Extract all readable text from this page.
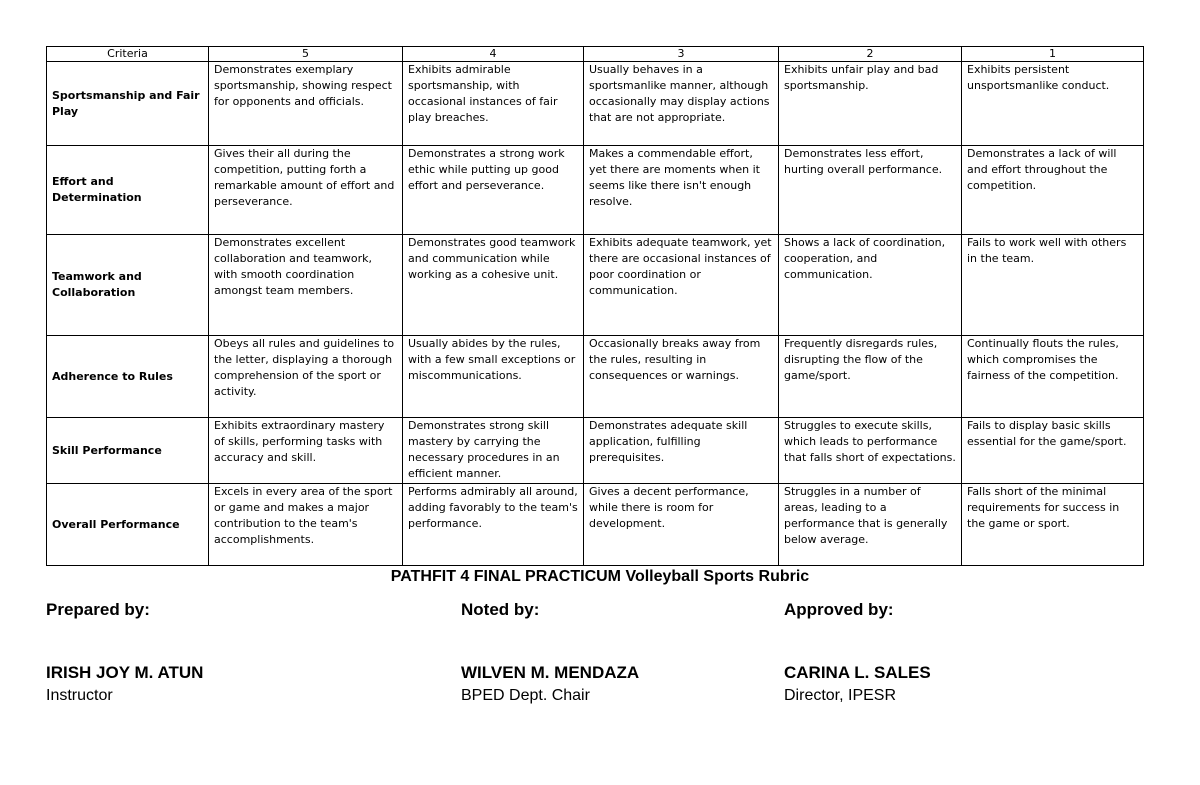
Criteria	5	4	3	2	1
Sportsmanship and Fair Play	Demonstrates exemplary sportsmanship, showing respect for opponents and officials.	Exhibits admirable sportsmanship, with occasional instances of fair play breaches.	Usually behaves in a sportsmanlike manner, although occasionally may display actions that are not appropriate.	Exhibits unfair play and bad sportsmanship.	Exhibits persistent unsportsmanlike conduct.
Effort and Determination	Gives their all during the competition, putting forth a remarkable amount of effort and perseverance.	Demonstrates a strong work ethic while putting up good effort and perseverance.	Makes a commendable effort, yet there are moments when it seems like there isn't enough resolve.	Demonstrates less effort, hurting overall performance.	Demonstrates a lack of will and effort throughout the competition.
Teamwork and Collaboration	Demonstrates excellent collaboration and teamwork, with smooth coordination amongst team members.	Demonstrates good teamwork and communication while working as a cohesive unit.	Exhibits adequate teamwork, yet there are occasional instances of poor coordination or communication.	Shows a lack of coordination, cooperation, and communication.	Fails to work well with others in the team.
Adherence to Rules	Obeys all rules and guidelines to the letter, displaying a thorough comprehension of the sport or activity.	Usually abides by the rules, with a few small exceptions or miscommunications.	Occasionally breaks away from the rules, resulting in consequences or warnings.	Frequently disregards rules, disrupting the flow of the game/sport.	Continually flouts the rules, which compromises the fairness of the competition.
Skill Performance	Exhibits extraordinary mastery of skills, performing tasks with accuracy and skill.	Demonstrates strong skill mastery by carrying the necessary procedures in an efficient manner.	Demonstrates adequate skill application, fulfilling prerequisites.	Struggles to execute skills, which leads to performance that falls short of expectations.	Fails to display basic skills essential for the game/sport.
Overall Performance	Excels in every area of the sport or game and makes a major contribution to the team's accomplishments.	Performs admirably all around, adding favorably to the team's performance.	Gives a decent performance, while there is room for development.	Struggles in a number of areas, leading to a performance that is generally below average.	Falls short of the minimal requirements for success in the game or sport.
PATHFIT 4 FINAL PRACTICUM Volleyball Sports Rubric
Prepared by:
IRISH JOY M. ATUN
Instructor
Noted by:
WILVEN M. MENDAZA
BPED Dept. Chair
Approved by:
CARINA L. SALES
Director, IPESR
